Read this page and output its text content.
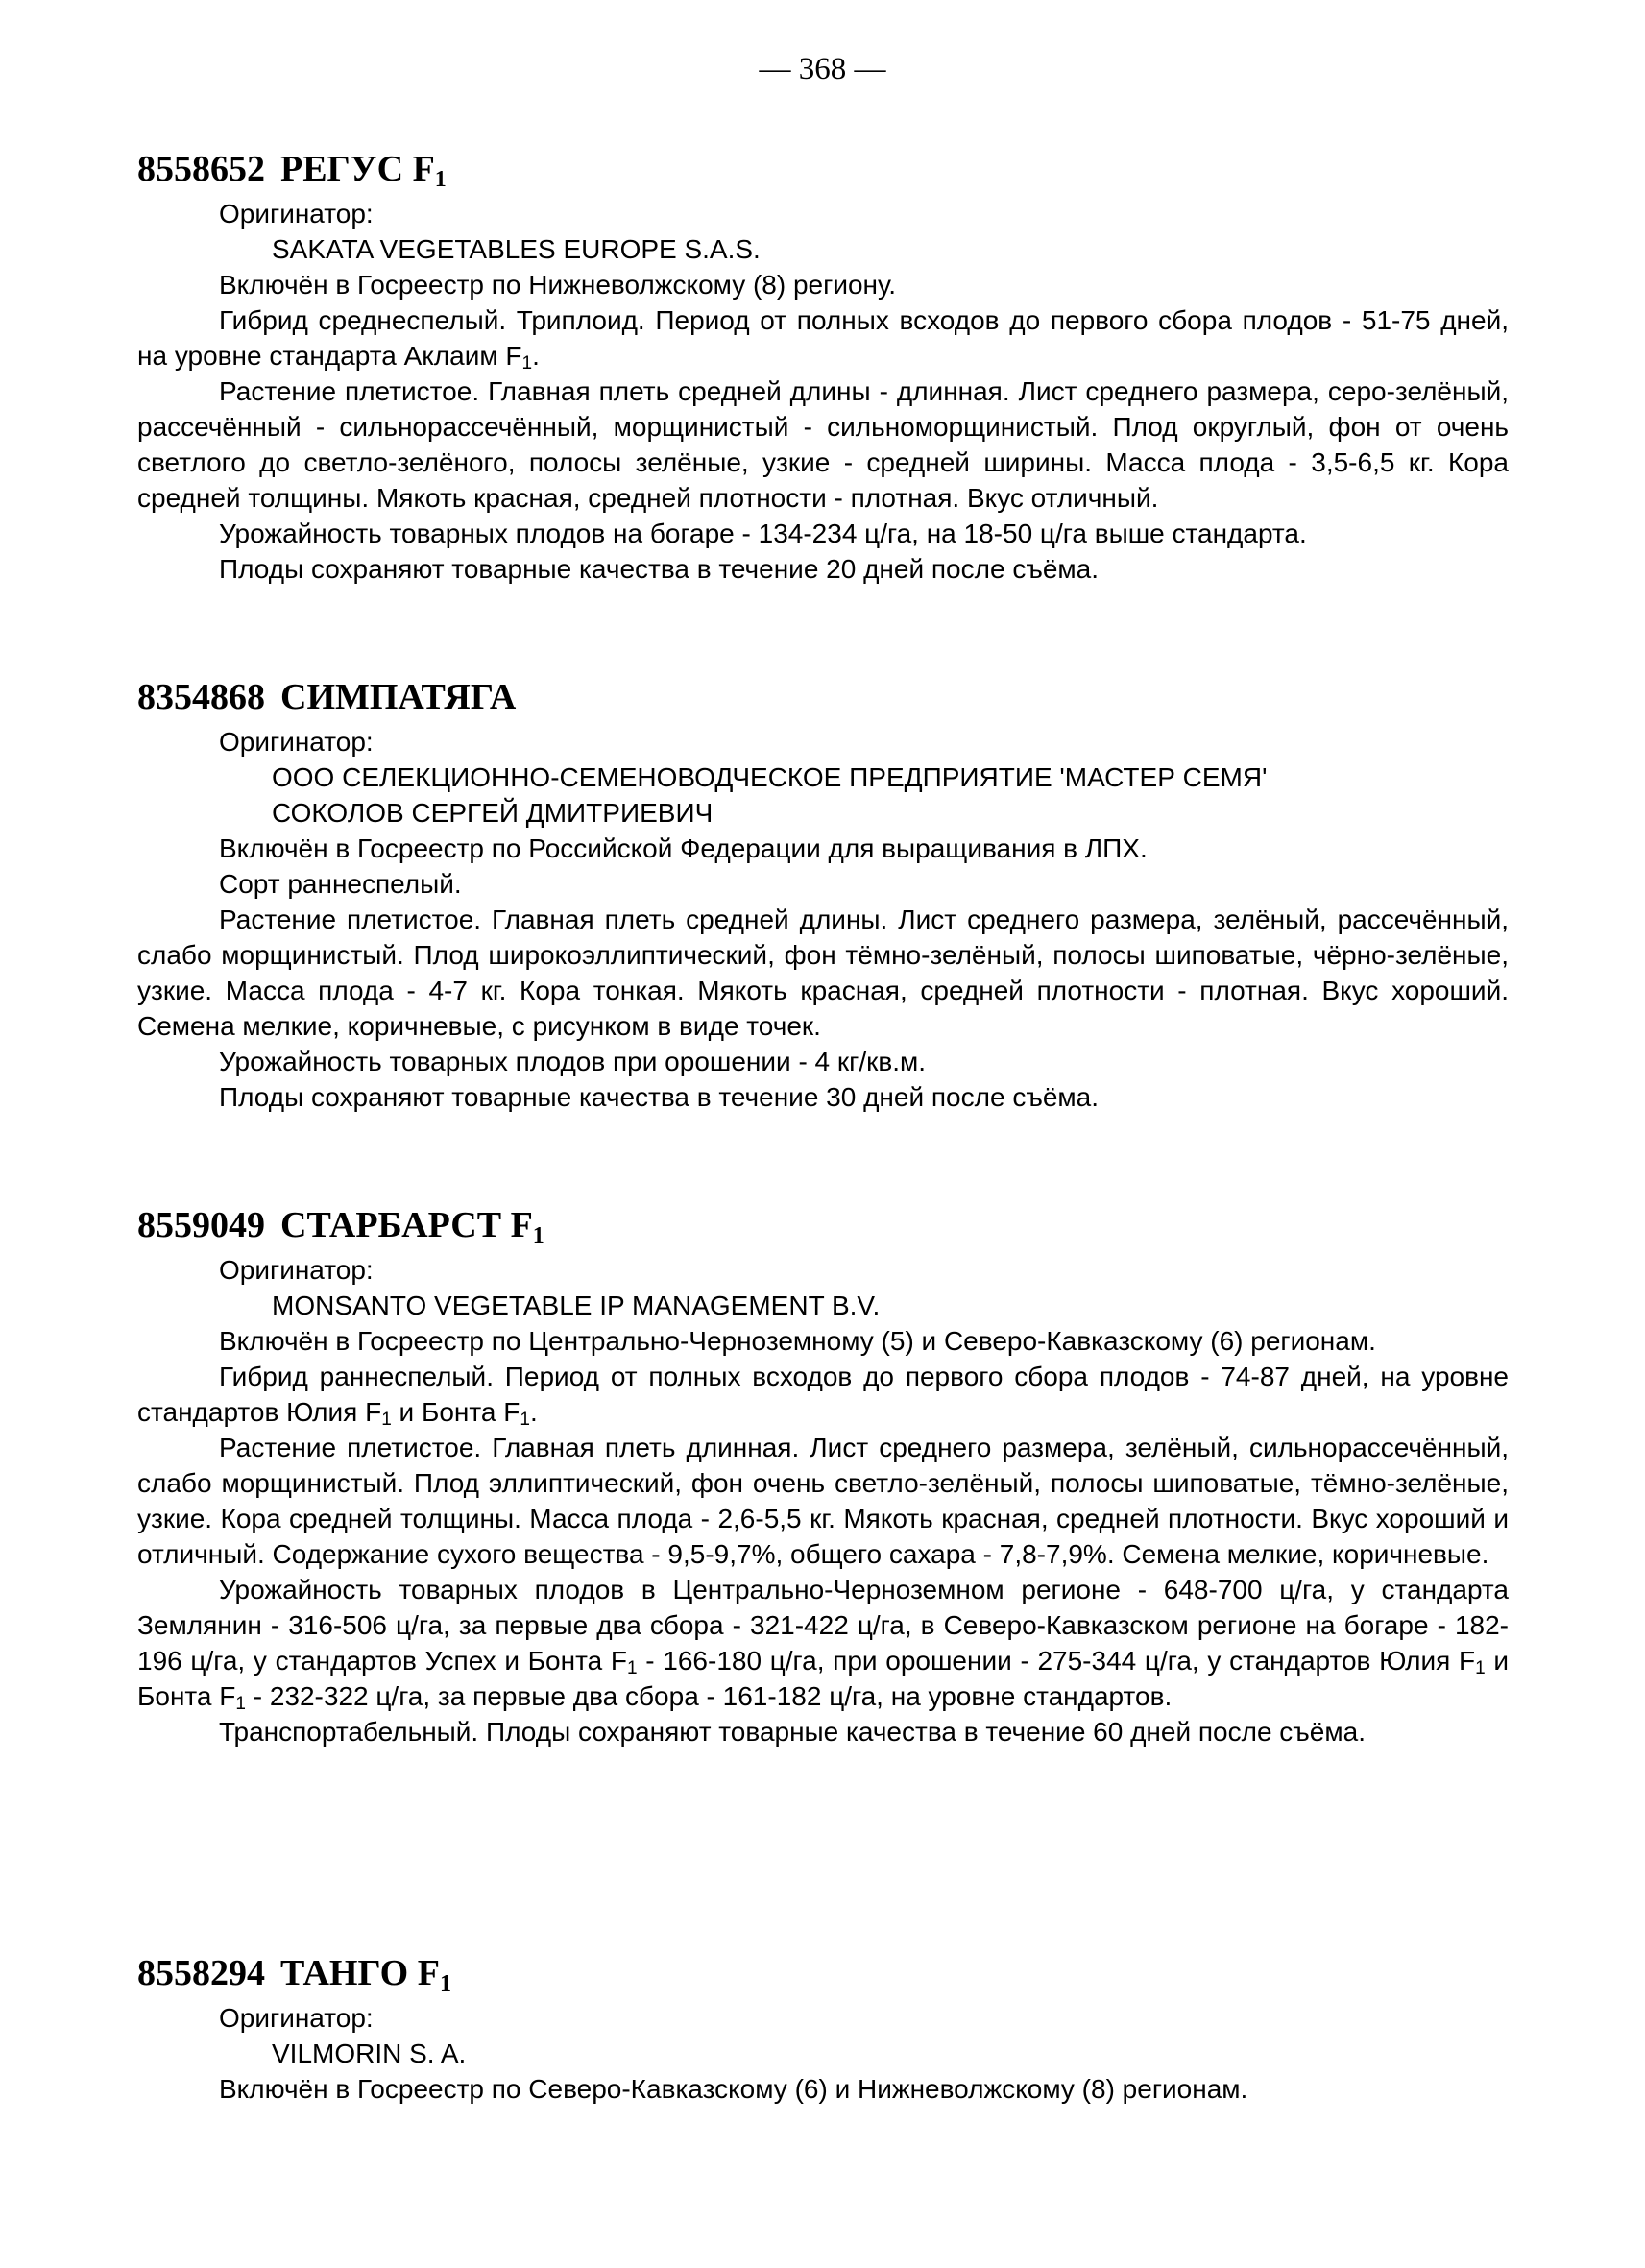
— 368 —
8558652 РЕГУС $F_1$

Оригинатор:

SAKATA VEGETABLES EUROPE S.A.S.

Включён в Госреестр по Нижневолжскому (8) региону.

Гибрид среднеспелый. Триплоид. Период от полных всходов до первого сбора плодов - 51-75 дней, на уровне стандарта Аклаим $F_1$.

Растение плетистое. Главная плеть средней длины - длинная. Лист среднего размера, серо-зелёный, рассечённый - сильнорассечённый, морщинистый - сильноморщинистый. Плод округлый, фон от очень светлого до светло-зелёного, полосы зелёные, узкие - средней ширины. Масса плода - 3,5-6,5 кг. Кора средней толщины. Мякоть красная, средней плотности - плотная. Вкус отличный.

Урожайность товарных плодов на богаре - 134-234 ц/га, на 18-50 ц/га выше стандарта.

Плоды сохраняют товарные качества в течение 20 дней после съёма.

8354868 СИМПАТЯГА

Оригинатор:

ООО СЕЛЕКЦИОННО-СЕМЕНОВОДЧЕСКОЕ ПРЕДПРИЯТИЕ 'МАСТЕР СЕМЯ'

СОКОЛОВ СЕРГЕЙ ДМИТРИЕВИЧ

Включён в Госреестр по Российской Федерации для выращивания в ЛПХ.

Сорт раннеспелый.

Растение плетистое. Главная плеть средней длины. Лист среднего размера, зелёный, рассечённый, слабо морщинистый. Плод широкоэллиптический, фон тёмно-зелёный, полосы шиповатые, чёрно-зелёные, узкие. Масса плода - 4-7 кг. Кора тонкая. Мякоть красная, средней плотности - плотная. Вкус хороший. Семена мелкие, коричневые, с рисунком в виде точек.

Урожайность товарных плодов при орошении - 4 кг/кв.м.

Плоды сохраняют товарные качества в течение 30 дней после съёма.

8559049 СТАРБАРСТ $F_1$

Оригинатор:

MONSANTO VEGETABLE IP MANAGEMENT B.V.

Включён в Госреестр по Центрально-Черноземному (5) и Северо-Кавказскому (6) регионам.

Гибрид раннеспелый. Период от полных всходов до первого сбора плодов - 74-87 дней, на уровне стандартов Юлия $F_1$ и Бонта $F_1$.

Растение плетистое. Главная плеть длинная. Лист среднего размера, зелёный, сильнорассечённый, слабо морщинистый. Плод эллиптический, фон очень светло-зелёный, полосы шиповатые, тёмно-зелёные, узкие. Кора средней толщины. Масса плода - 2,6-5,5 кг. Мякоть красная, средней плотности. Вкус хороший и отличный. Содержание сухого вещества - 9,5-9,7%, общего сахара - 7,8-7,9%. Семена мелкие, коричневые.

Урожайность товарных плодов в Центрально-Черноземном регионе - 648-700 ц/га, у стандарта Землянин - 316-506 ц/га, за первые два сбора - 321-422 ц/га, в Северо-Кавказском регионе на богаре - 182-196 ц/га, у стандартов Успех и Бонта $F_1 - 166-180$ ц/га, при орошении - 275-344 ц/га, у стандартов Юлия $F_1$ и Бонта $F_1 - 232-322$ ц/га, за первые два сбора - 161-182 ц/га, на уровне стандартов.

Транспортабельный. Плоды сохраняют товарные качества в течение 60 дней после съёма.

8558294 ТАНГО $F_1$

Оригинатор:

VILMORIN S. A.

Включён в Госреестр по Северо-Кавказскому (6) и Нижневолжскому (8) регионам.
